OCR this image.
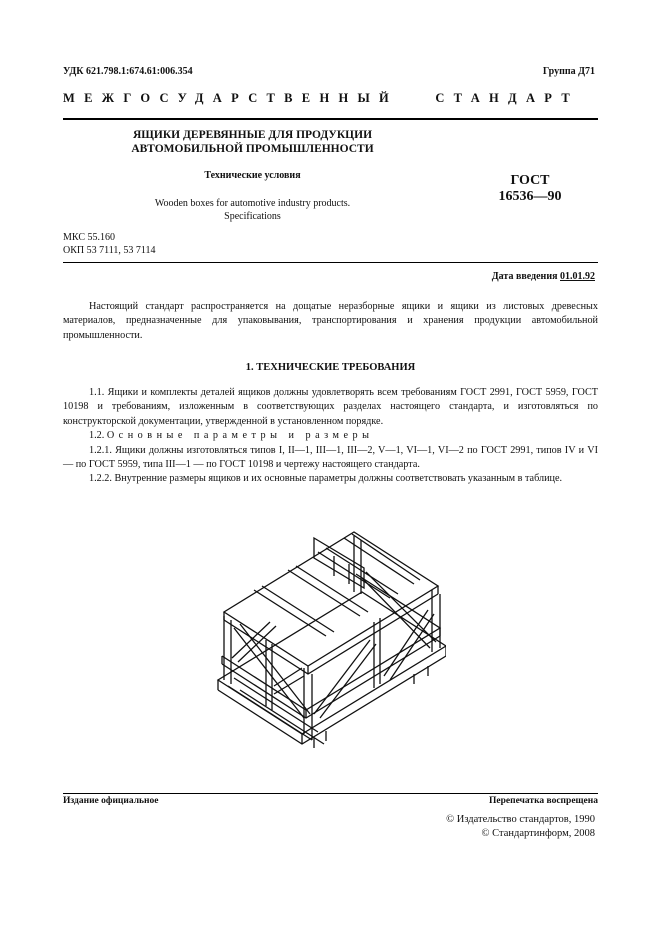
УДК 621.798.1:674.61:006.354	Группа Д71
МЕЖГОСУДАРСТВЕННЫЙ   СТАНДАРТ
ЯЩИКИ ДЕРЕВЯННЫЕ ДЛЯ ПРОДУКЦИИ
АВТОМОБИЛЬНОЙ ПРОМЫШЛЕННОСТИ
Технические условия
Wooden boxes for automotive industry products.
Specifications
ГОСТ
16536—90
МКС 55.160
ОКП 53 7111, 53 7114
Дата введения 01.01.92

Настоящий стандарт распространяется на дощатые неразборные ящики и ящики из листовых древесных материалов, предназначенные для упаковывания, транспортирования и хранения продукции автомобильной промышленности.

1. ТЕХНИЧЕСКИЕ ТРЕБОВАНИЯ

1.1. Ящики и комплекты деталей ящиков должны удовлетворять всем требованиям ГОСТ 2991, ГОСТ 5959, ГОСТ 10198 и требованиям, изложенным в соответствующих разделах настоящего стандарта, и изготовляться по конструкторской документации, утвержденной в установленном порядке.

1.2. Основные параметры и размеры

1.2.1. Ящики должны изготовляться типов I, II—1, III—1, III—2, V—1, VI—1, VI—2 по ГОСТ 2991, типов IV и VI — по ГОСТ 5959, типа III—1 — по ГОСТ 10198 и чертежу настоящего стандарта.

1.2.2. Внутренние размеры ящиков и их основные параметры должны соответствовать указанным в таблице.

Издание официальное	Перепечатка воспрещена
© Издательство стандартов, 1990
© Стандартинформ, 2008
